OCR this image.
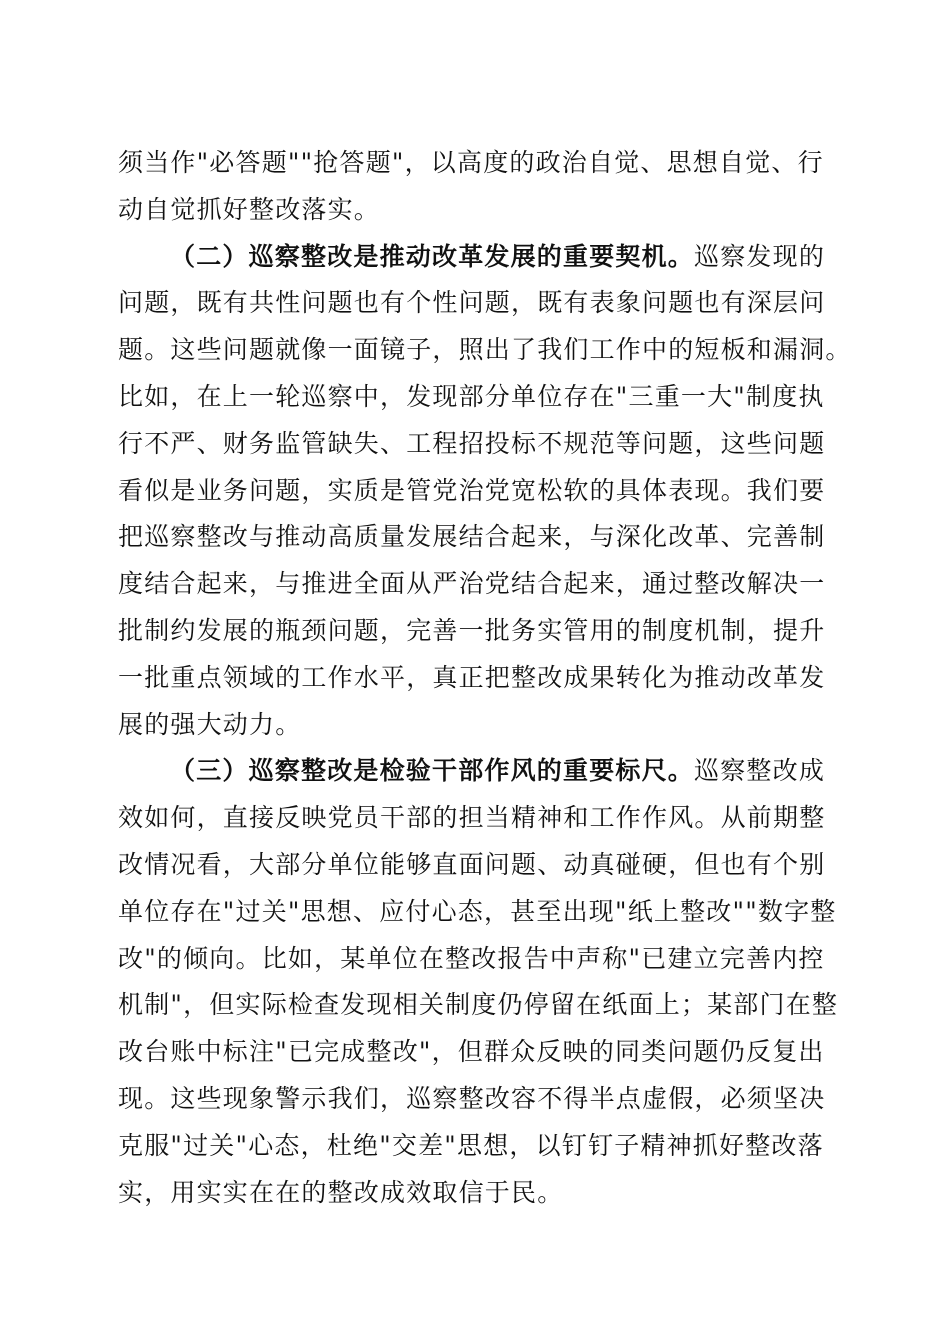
须当作"必答题""抢答题"，以高度的政治自觉、思想自觉、行
动自觉抓好整改落实。
（二）巡察整改是推动改革发展的重要契机。巡察发现的
问题，既有共性问题也有个性问题，既有表象问题也有深层问
题。这些问题就像一面镜子，照出了我们工作中的短板和漏洞。
比如，在上一轮巡察中，发现部分单位存在"三重一大"制度执
行不严、财务监管缺失、工程招投标不规范等问题，这些问题
看似是业务问题，实质是管党治党宽松软的具体表现。我们要
把巡察整改与推动高质量发展结合起来，与深化改革、完善制
度结合起来，与推进全面从严治党结合起来，通过整改解决一
批制约发展的瓶颈问题，完善一批务实管用的制度机制，提升
一批重点领域的工作水平，真正把整改成果转化为推动改革发
展的强大动力。
（三）巡察整改是检验干部作风的重要标尺。巡察整改成
效如何，直接反映党员干部的担当精神和工作作风。从前期整
改情况看，大部分单位能够直面问题、动真碰硬，但也有个别
单位存在"过关"思想、应付心态，甚至出现"纸上整改""数字整
改"的倾向。比如，某单位在整改报告中声称"已建立完善内控
机制"，但实际检查发现相关制度仍停留在纸面上；某部门在整
改台账中标注"已完成整改"，但群众反映的同类问题仍反复出
现。这些现象警示我们，巡察整改容不得半点虚假，必须坚决
克服"过关"心态，杜绝"交差"思想，以钉钉子精神抓好整改落
实，用实实在在的整改成效取信于民。
